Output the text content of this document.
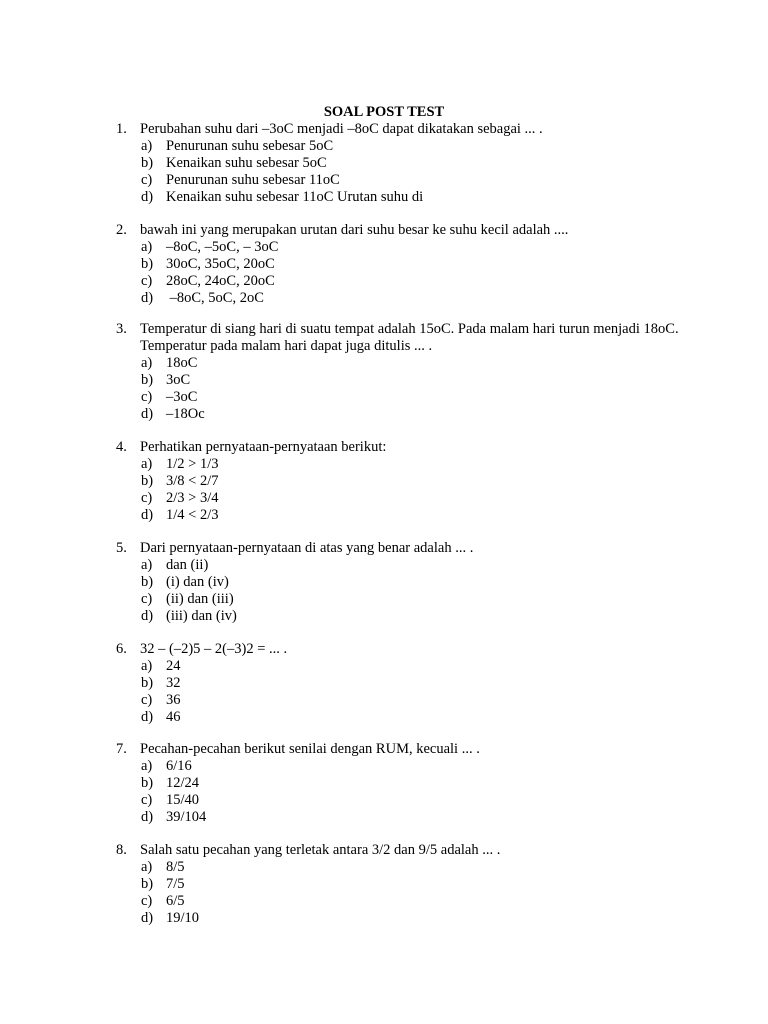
SOAL POST TEST
1. Perubahan suhu dari –3oC menjadi –8oC dapat dikatakan sebagai ... .
a) Penurunan suhu sebesar 5oC
b) Kenaikan suhu sebesar 5oC
c) Penurunan suhu sebesar 11oC
d) Kenaikan suhu sebesar 11oC Urutan suhu di
2. bawah ini yang merupakan urutan dari suhu besar ke suhu kecil adalah ....
a) –8oC, –5oC, – 3oC
b) 30oC, 35oC, 20oC
c) 28oC, 24oC, 20oC
d) –8oC, 5oC, 2oC
3. Temperatur di siang hari di suatu tempat adalah 15oC. Pada malam hari turun menjadi 18oC. Temperatur pada malam hari dapat juga ditulis ... .
a) 18oC
b) 3oC
c) –3oC
d) –18Oc
4. Perhatikan pernyataan-pernyataan berikut:
a) 1/2 > 1/3
b) 3/8 < 2/7
c) 2/3 > 3/4
d) 1/4 < 2/3
5. Dari pernyataan-pernyataan di atas yang benar adalah ... .
a) dan (ii)
b) (i) dan (iv)
c) (ii) dan (iii)
d) (iii) dan (iv)
6. 32 – (–2)5 – 2(–3)2 = ... .
a) 24
b) 32
c) 36
d) 46
7. Pecahan-pecahan berikut senilai dengan RUM, kecuali ... .
a) 6/16
b) 12/24
c) 15/40
d) 39/104
8. Salah satu pecahan yang terletak antara 3/2 dan 9/5 adalah ... .
a) 8/5
b) 7/5
c) 6/5
d) 19/10
